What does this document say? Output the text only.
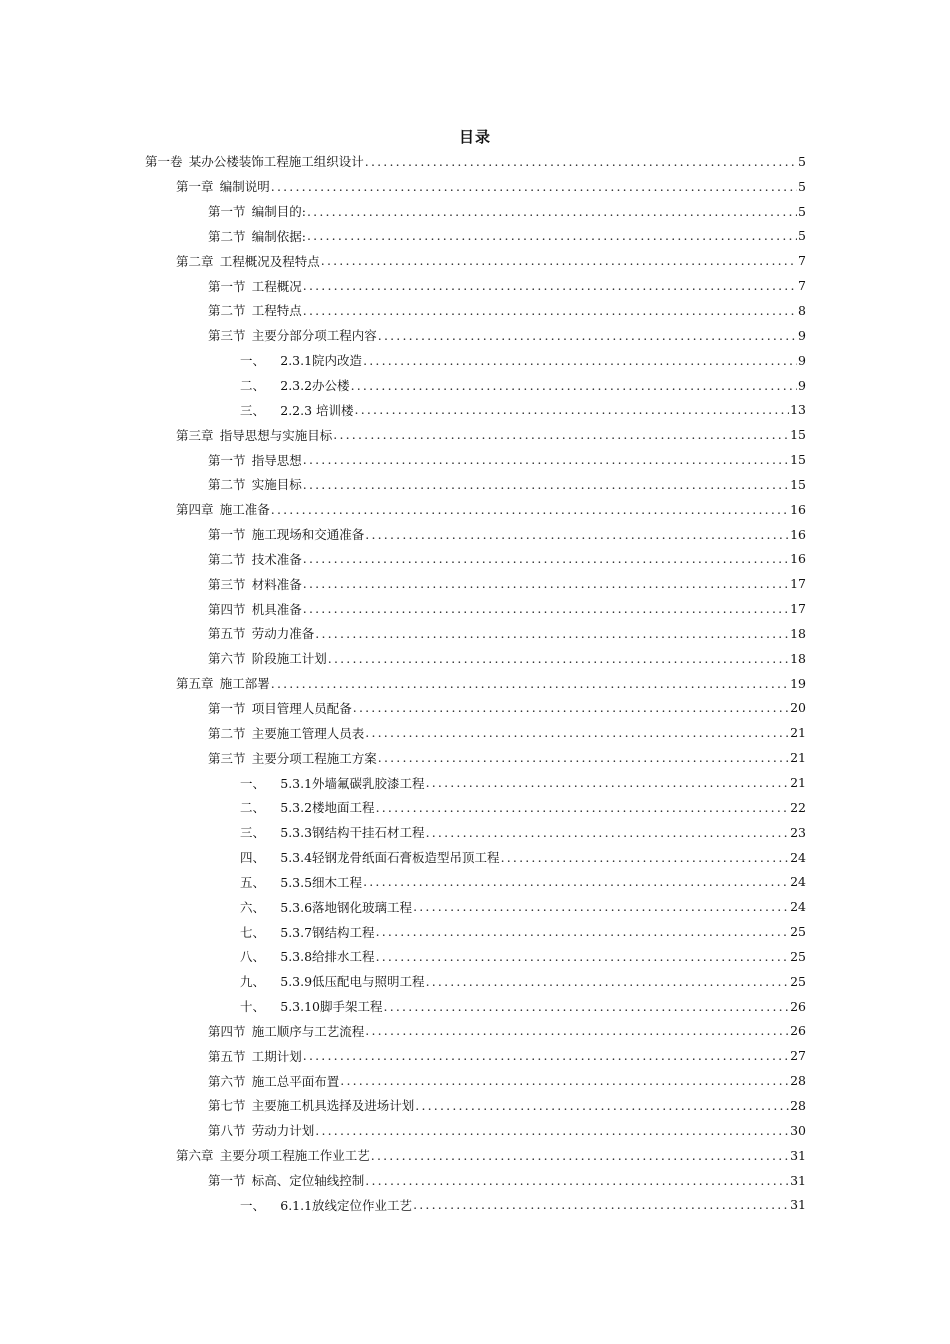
目录
第一卷  某办公楼装饰工程施工组织设计 .....	5
第一章  编制说明 .....	5
第一节  编制目的: .....	5
第二节  编制依据: .....	5
第二章  工程概况及程特点 .....	7
第一节  工程概况 .....	7
第二节  工程特点 .....	8
第三节  主要分部分项工程内容 .....	9
一、  2.3.1院内改造 .....	9
二、  2.3.2办公楼 .....	9
三、  2.2.3 培训楼 .....	13
第三章  指导思想与实施目标 .....	15
第一节  指导思想 .....	15
第二节  实施目标 .....	15
第四章  施工准备 .....	16
第一节  施工现场和交通准备 .....	16
第二节  技术准备 .....	16
第三节  材料准备 .....	17
第四节  机具准备 .....	17
第五节  劳动力准备 .....	18
第六节  阶段施工计划 .....	18
第五章  施工部署 .....	19
第一节  项目管理人员配备 .....	20
第二节  主要施工管理人员表 .....	21
第三节  主要分项工程施工方案 .....	21
一、  5.3.1外墙氟碳乳胶漆工程 .....	21
二、  5.3.2楼地面工程 .....	22
三、  5.3.3钢结构干挂石材工程 .....	23
四、  5.3.4轻钢龙骨纸面石膏板造型吊顶工程 .....	24
五、  5.3.5细木工程 .....	24
六、  5.3.6落地钢化玻璃工程 .....	24
七、  5.3.7钢结构工程 .....	25
八、  5.3.8给排水工程 .....	25
九、  5.3.9低压配电与照明工程 .....	25
十、  5.3.10脚手架工程 .....	26
第四节  施工顺序与工艺流程 .....	26
第五节  工期计划 .....	27
第六节  施工总平面布置 .....	28
第七节  主要施工机具选择及进场计划 .....	28
第八节  劳动力计划 .....	30
第六章  主要分项工程施工作业工艺 .....	31
第一节  标高、定位轴线控制 .....	31
一、  6.1.1放线定位作业工艺 .....	31
